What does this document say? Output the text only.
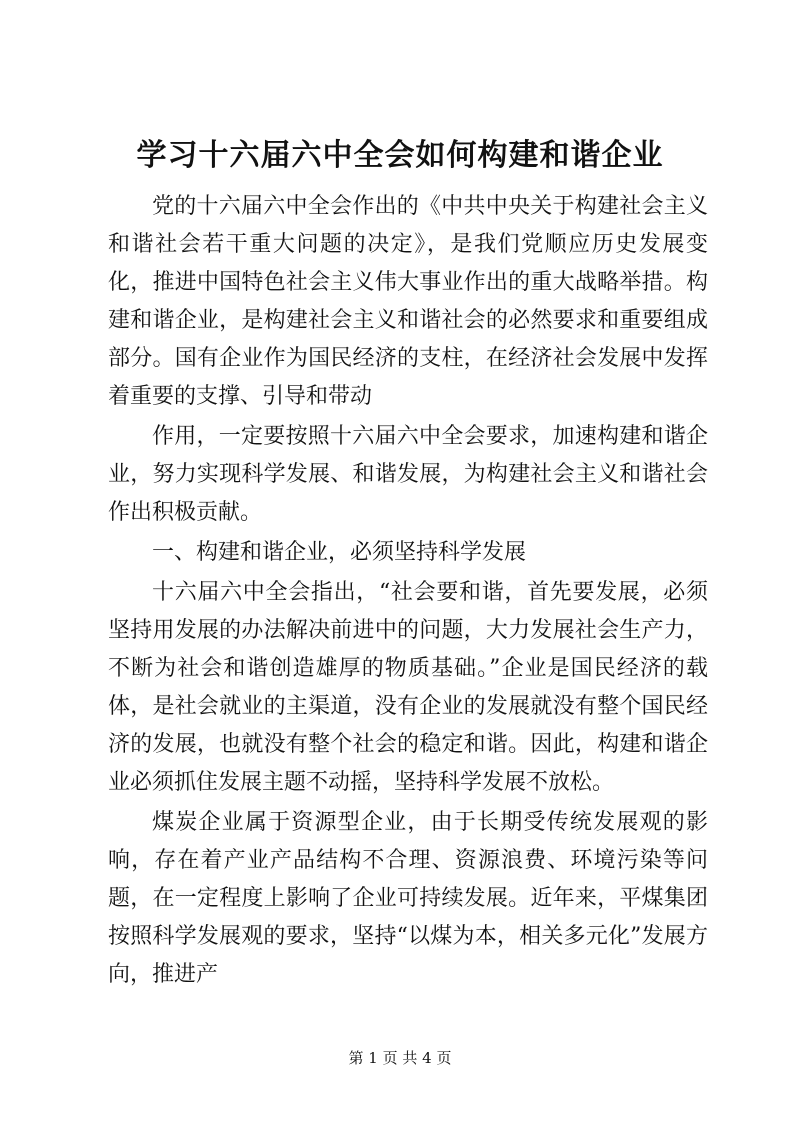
学习十六届六中全会如何构建和谐企业

党的十六届六中全会作出的《中共中央关于构建社会主义和谐社会若干重大问题的决定》，是我们党顺应历史发展变化，推进中国特色社会主义伟大事业作出的重大战略举措。构建和谐企业，是构建社会主义和谐社会的必然要求和重要组成部分。国有企业作为国民经济的支柱，在经济社会发展中发挥着重要的支撑、引导和带动

作用，一定要按照十六届六中全会要求，加速构建和谐企业，努力实现科学发展、和谐发展，为构建社会主义和谐社会作出积极贡献。

一、构建和谐企业，必须坚持科学发展

十六届六中全会指出，“社会要和谐，首先要发展，必须坚持用发展的办法解决前进中的问题，大力发展社会生产力，不断为社会和谐创造雄厚的物质基础。”企业是国民经济的载体，是社会就业的主渠道，没有企业的发展就没有整个国民经济的发展，也就没有整个社会的稳定和谐。因此，构建和谐企业必须抓住发展主题不动摇，坚持科学发展不放松。

煤炭企业属于资源型企业，由于长期受传统发展观的影响，存在着产业产品结构不合理、资源浪费、环境污染等问题，在一定程度上影响了企业可持续发展。近年来，平煤集团按照科学发展观的要求，坚持“以煤为本，相关多元化”发展方向，推进产

第 1 页 共 4 页
